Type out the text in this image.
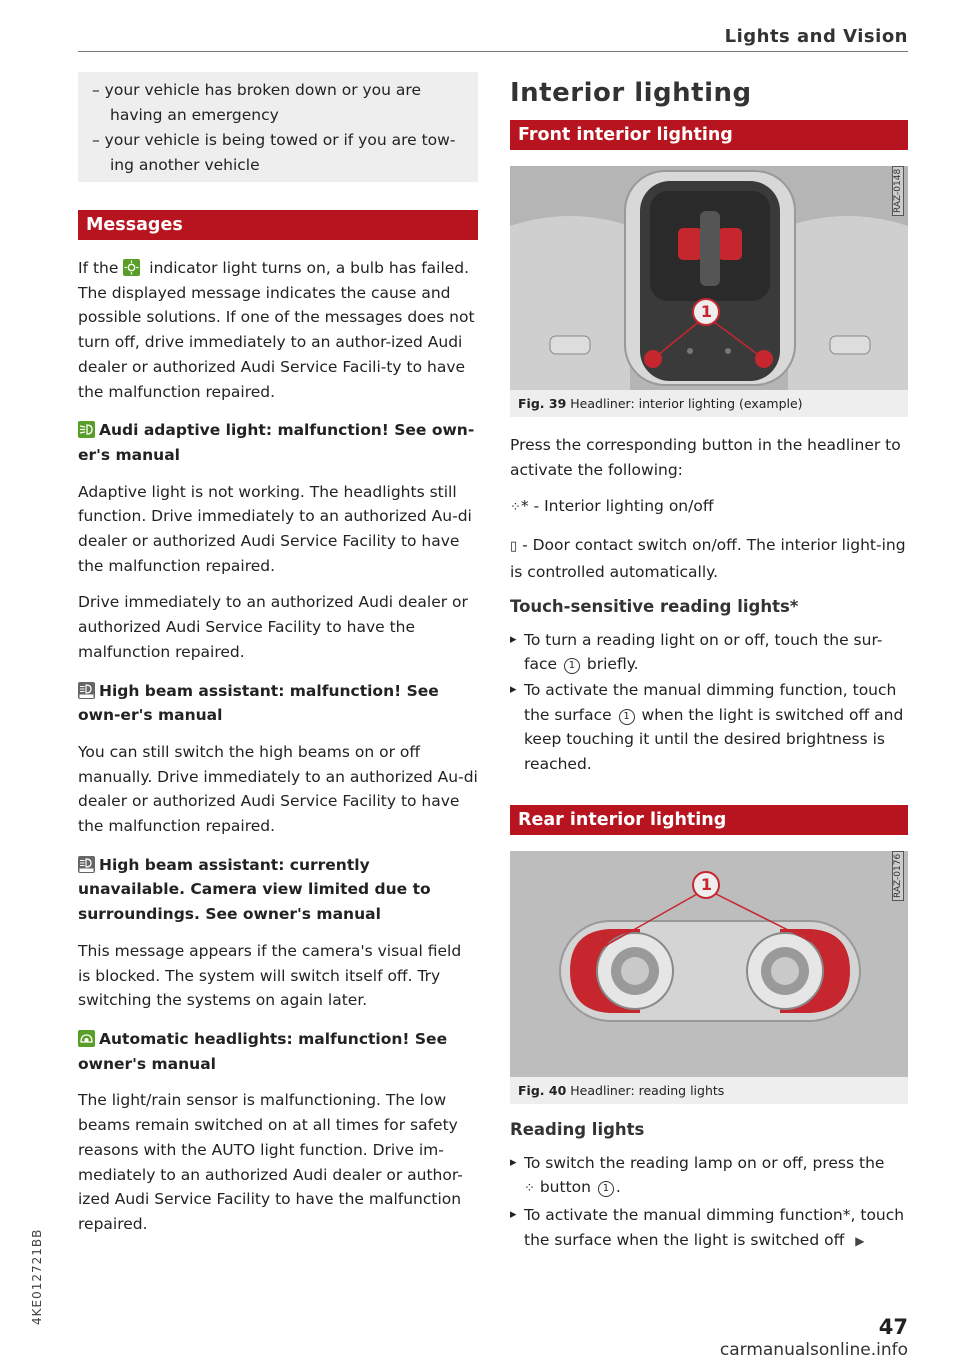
Lights and Vision
4KE012721BB
– your vehicle has broken down or you are having an emergency
– your vehicle is being towed or if you are tow-ing another vehicle
Messages

If the indicator light turns on, a bulb has failed. The displayed message indicates the cause and possible solutions. If one of the messages does not turn off, drive immediately to an author-ized Audi dealer or authorized Audi Service Facili-ty to have the malfunction repaired.

Audi adaptive light: malfunction! See own-er's manual

Adaptive light is not working. The headlights still function. Drive immediately to an authorized Au-di dealer or authorized Audi Service Facility to have the malfunction repaired.

Drive immediately to an authorized Audi dealer or authorized Audi Service Facility to have the malfunction repaired.

High beam assistant: malfunction! See own-er's manual

You can still switch the high beams on or off manually. Drive immediately to an authorized Au-di dealer or authorized Audi Service Facility to have the malfunction repaired.

High beam assistant: currently unavailable. Camera view limited due to surroundings. See owner's manual

This message appears if the camera's visual field is blocked. The system will switch itself off. Try switching the systems on again later.

Automatic headlights: malfunction! See owner's manual

The light/rain sensor is malfunctioning. The low beams remain switched on at all times for safety reasons with the AUTO light function. Drive im-mediately to an authorized Audi dealer or author-ized Audi Service Facility to have the malfunction repaired.

Interior lighting
Front interior lighting
1
RAZ-0148
Fig. 39 Headliner: interior lighting (example)

Press the corresponding button in the headliner to activate the following:

⁘* - Interior lighting on/off

▯ - Door contact switch on/off. The interior light-ing is controlled automatically.

Touch-sensitive reading lights*
▸ To turn a reading light on or off, touch the sur-face 1 briefly.
▸ To activate the manual dimming function, touch the surface 1 when the light is switched off and keep touching it until the desired brightness is reached.
Rear interior lighting
1	RAZ-0176
Fig. 40 Headliner: reading lights
Reading lights
▸ To switch the reading lamp on or off, press the
⁘ button 1 .
▸ To activate the manual dimming function*, touch the surface when the light is switched off ▶
47
carmanualsonline.info
